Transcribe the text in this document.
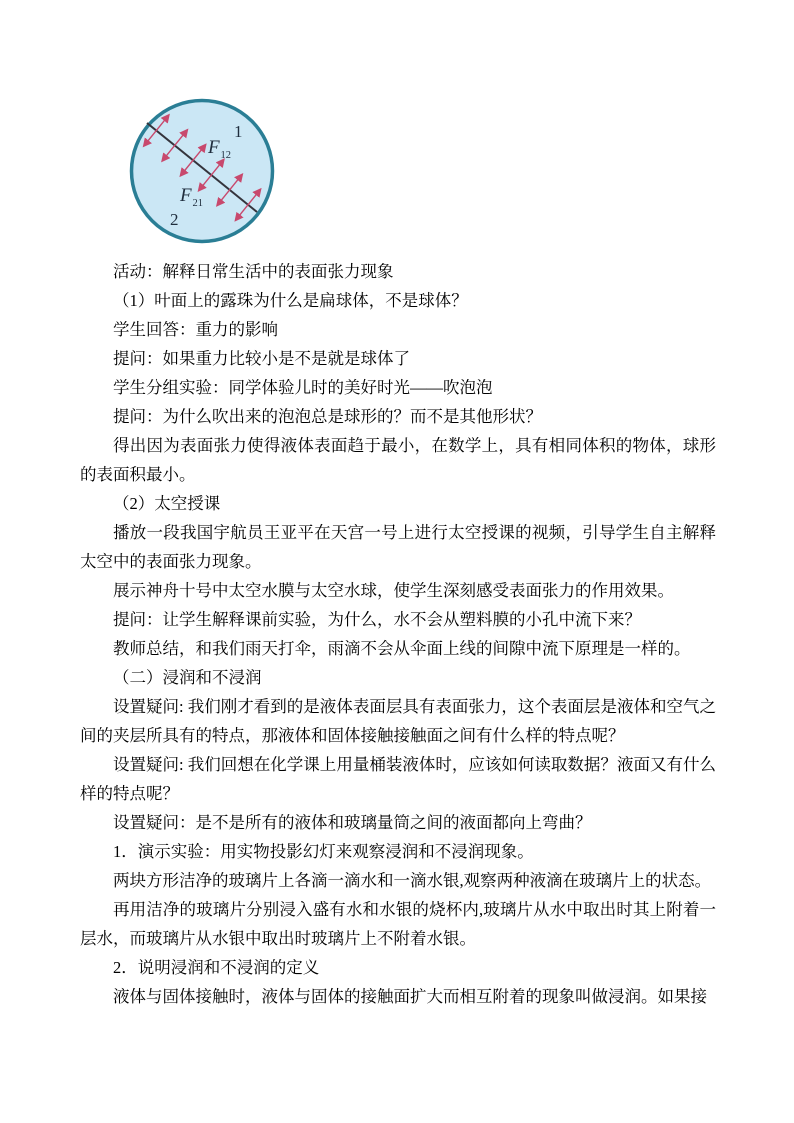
1
F 12
F 21
2

活动：解释日常生活中的表面张力现象

（1）叶面上的露珠为什么是扁球体，不是球体？

学生回答：重力的影响

提问：如果重力比较小是不是就是球体了

学生分组实验：同学体验儿时的美好时光——吹泡泡

提问：为什么吹出来的泡泡总是球形的？而不是其他形状？

得出因为表面张力使得液体表面趋于最小，在数学上，具有相同体积的物体，球形的表面积最小。

（2）太空授课

播放一段我国宇航员王亚平在天宫一号上进行太空授课的视频，引导学生自主解释太空中的表面张力现象。

展示神舟十号中太空水膜与太空水球，使学生深刻感受表面张力的作用效果。

提问：让学生解释课前实验，为什么，水不会从塑料膜的小孔中流下来？

教师总结，和我们雨天打伞，雨滴不会从伞面上线的间隙中流下原理是一样的。

（二）浸润和不浸润

设置疑问: 我们刚才看到的是液体表面层具有表面张力，这个表面层是液体和空气之间的夹层所具有的特点，那液体和固体接触接触面之间有什么样的特点呢？

设置疑问: 我们回想在化学课上用量桶装液体时，应该如何读取数据？液面又有什么样的特点呢？

设置疑问：是不是所有的液体和玻璃量筒之间的液面都向上弯曲？

1．演示实验：用实物投影幻灯来观察浸润和不浸润现象。

两块方形洁净的玻璃片上各滴一滴水和一滴水银,观察两种液滴在玻璃片上的状态。

再用洁净的玻璃片分别浸入盛有水和水银的烧杯内,玻璃片从水中取出时其上附着一层水，而玻璃片从水银中取出时玻璃片上不附着水银。

2．说明浸润和不浸润的定义

液体与固体接触时，液体与固体的接触面扩大而相互附着的现象叫做浸润。如果接
